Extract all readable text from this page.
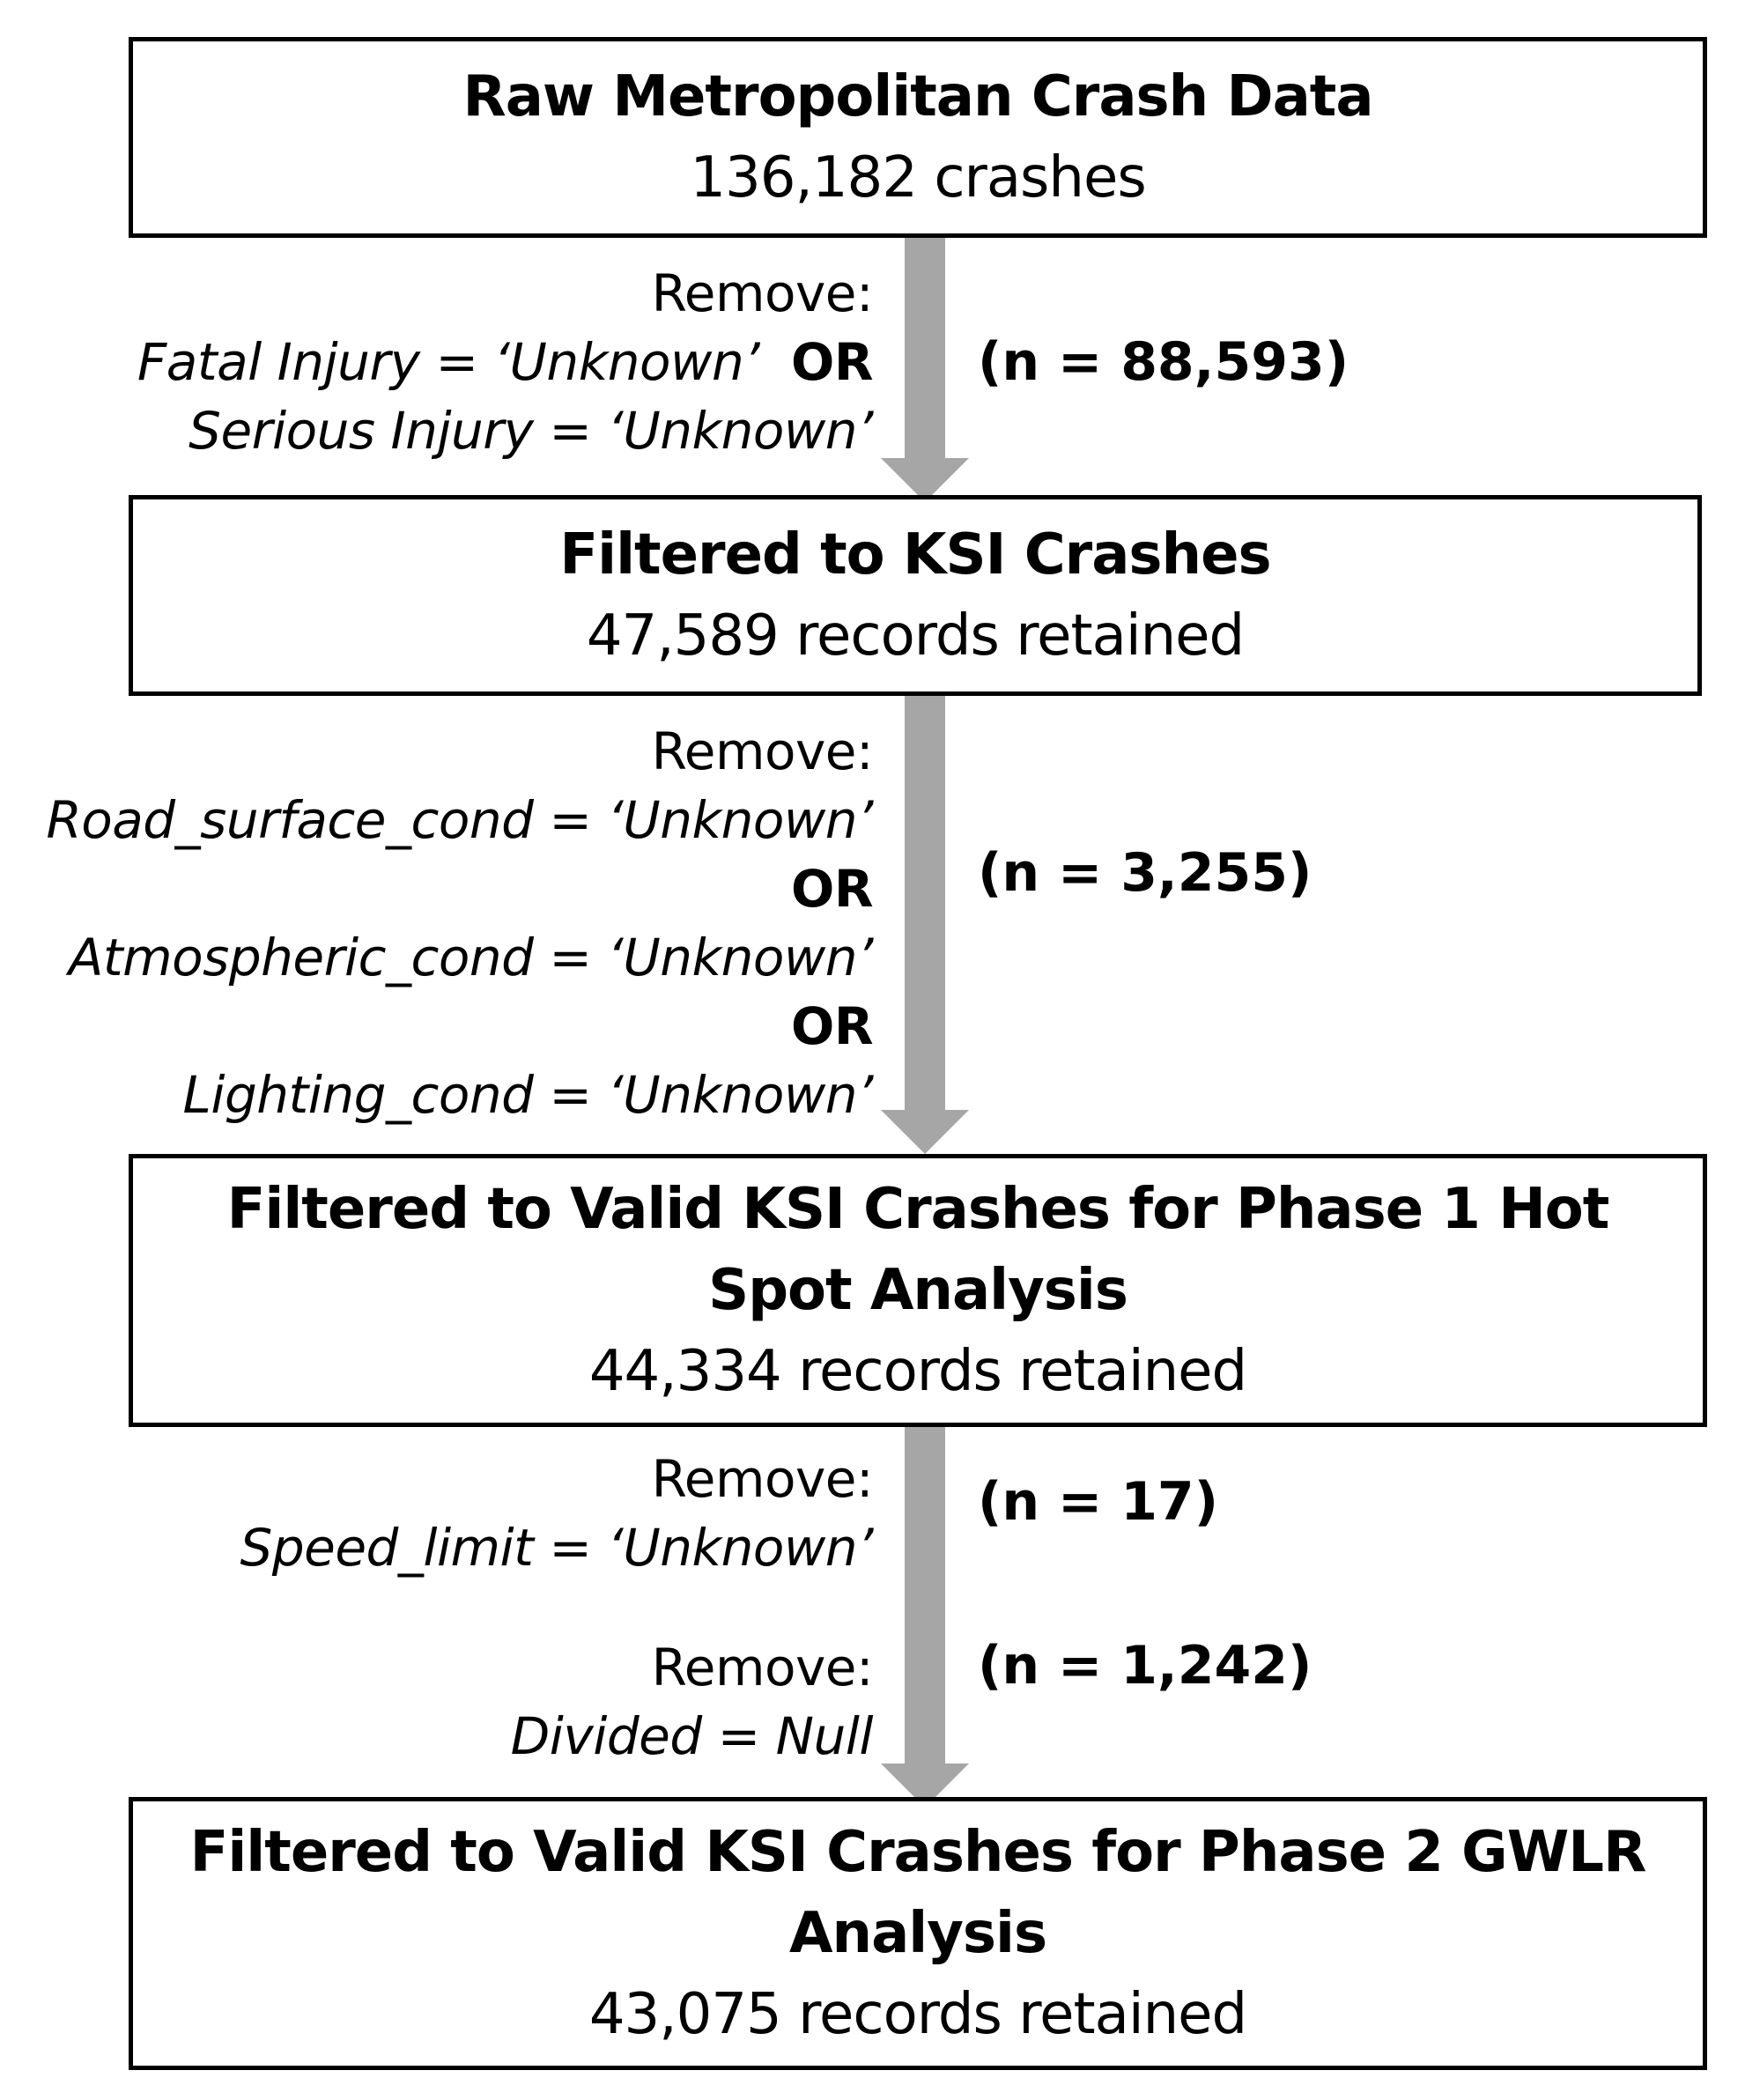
Raw Metropolitan Crash Data
136,182 crashes
Remove:
Fatal Injury = ‘Unknown’ OR
Serious Injury = ‘Unknown’
(n = 88,593)
Filtered to KSI Crashes
47,589 records retained
Remove:
Road_surface_cond = ‘Unknown’
OR
Atmospheric_cond = ‘Unknown’
OR
Lighting_cond = ‘Unknown’
(n = 3,255)
Filtered to Valid KSI Crashes for Phase 1 Hot
Spot Analysis
44,334 records retained
Remove:
Speed_limit = ‘Unknown’
(n = 17)
Remove:
Divided = Null
(n = 1,242)
Filtered to Valid KSI Crashes for Phase 2 GWLR
Analysis
43,075 records retained
